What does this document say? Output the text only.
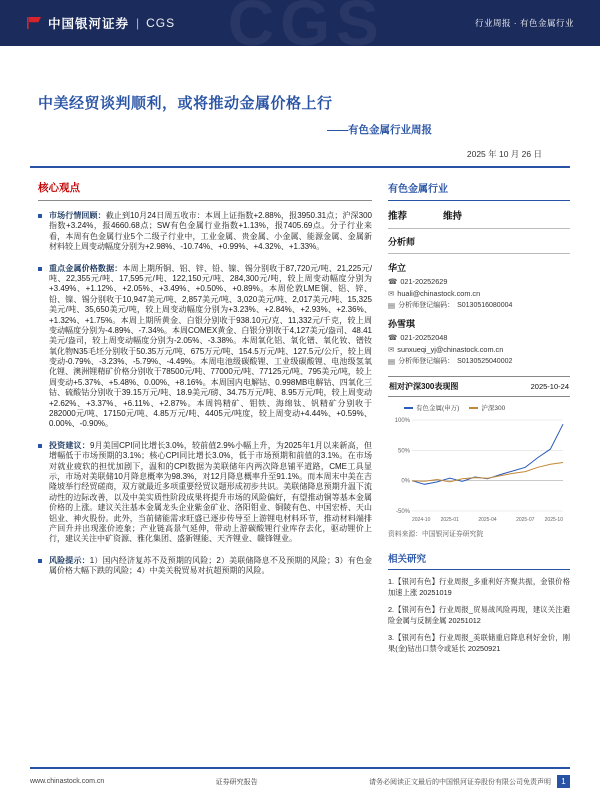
CGS
中国银河证券 | CGS	行业周报 · 有色金属行业
中美经贸谈判顺利，或将推动金属价格上行
——有色金属行业周报
2025 年 10 月 26 日
核心观点
市场行情回顾：截止到10月24日周五收市：本周上证指数+2.88%，报3950.31点；沪深300指数+3.24%，报4660.68点；SW有色金属行业指数+1.13%，报7405.69点。分子行业来看，本周有色金属行业5个二级子行业中，工业金属、贵金属、小金属、能源金属、金属新材料较上周变动幅度分别为+2.98%、-10.74%、+0.99%、+4.32%、+1.33%。
重点金属价格数据：本周上期所铜、铝、锌、铅、镍、锡分别收于87,720元/吨、21,225元/吨、22,355元/吨、17,595元/吨、122,150元/吨、284,300元/吨，较上周变动幅度分别为+3.49%、+1.12%、+2.05%、+3.49%、+0.50%、+0.89%。本周伦敦LME铜、铝、锌、铅、镍、锡分别收于10,947美元/吨、2,857美元/吨、3,020美元/吨、2,017美元/吨、15,325美元/吨、35,650美元/吨，较上周变动幅度分别为+3.23%、+2.84%、+2.93%、+2.36%、+1.32%、+1.75%。本周上期所黄金、白银分别收于938.10元/克、11,332元/千克，较上周变动幅度分别为-4.89%、-7.34%。本周COMEX黄金、白银分别收于4,127美元/盎司、48.41美元/盎司，较上周变动幅度分别为-2.05%、-3.38%。本周氧化铝、氧化镨、氧化钕、镨钕氧化物N35毛坯分别收于50.35万元/吨、675万元/吨、154.5万元/吨、127.5元/公斤，较上周变动-0.79%、-3.23%、-5.79%、-4.49%。本周电池级碳酸锂、工业级碳酸锂、电池级氢氧化锂、澳洲锂精矿价格分别收于78500元/吨、77000元/吨、77125元/吨、795美元/吨，较上周变动+5.37%、+5.48%、0.00%、+8.16%。本周国内电解钴、0.998MB电解钴、四氧化三钴、硫酸钴分别收于39.15万元/吨、18.9美元/磅、34.75万元/吨、8.95万元/吨，较上周变动+2.62%、+3.37%、+6.11%、+2.87%。本周钨精矿、钼铁、海绵钛、钒精矿分别收于282000元/吨、17150元/吨、4.85万元/吨、4405元/吨度，较上周变动+4.44%、+0.59%、0.00%、-0.90%。
投资建议：9月美国CPI同比增长3.0%，较前值2.9%小幅上升，为2025年1月以来新高，但增幅低于市场预期的3.1%；核心CPI同比增长3.0%，低于市场预期和前值的3.1%。在市场对就业疲软的担忧加剧下，温和的CPI数据为美联储年内两次降息铺平道路，CME工具显示，市场对美联储10月降息概率为98.3%，对12月降息概率升至91.1%。而本周末中美在吉隆坡举行经贸磋商，双方就最近多项重要经贸议题形成初步共识。美联储降息预期升温下流动性的边际改善，以及中美实质性阶段成果将提升市场的风险偏好，有望推动铜等基本金属价格的上涨。建议关注基本金属龙头企业紫金矿业、洛阳钼业、铜陵有色、中国宏桥、天山铝业、神火股份。此外，当前储能需求旺盛已逐步传导至上游锂电材料环节，推动材料端排产回升并出现涨价迹象；产业链高景气延伸，带动上游碳酸锂行业库存去化，驱动锂价上行，建议关注中矿资源、雅化集团、盛新锂能、天齐锂业、赣锋锂业。
风险提示：1）国内经济复苏不及预期的风险；2）美联储降息不及预期的风险；3）有色金属价格大幅下跌的风险；4）中美关税贸易对抗超预期的风险。
有色金属行业
推荐	维持
分析师
华立
☎ 021-20252629
✉ huali@chinastock.com.cn
▤ 分析师登记编码： S0130516080004
孙雪琪
☎ 021-20252048
✉ sunxueqi_yj@chinastock.com.cn
▤ 分析师登记编码： S0130525040002
相对沪深300表现图	2025-10-24
有色金属(申万)	沪深300
100%
50%
0%
-50%
2024-10 2025-01	2025-04	2025-07 2025-10
资料来源：中国银河证券研究院
相关研究
1.【银河有色】行业周报_多重利好齐聚共振，金银价格加速上涨 20251019
2.【银河有色】行业周报_贸易战风险再现，建议关注避险金属与反制金属 20251012
3.【银河有色】行业周报_美联储重启降息利好金价，刚果(金)钴出口禁令或延长 20250921
www.chinastock.com.cn	证券研究报告	请务必阅读正文最后的中国银河证券股份有限公司免责声明	1
